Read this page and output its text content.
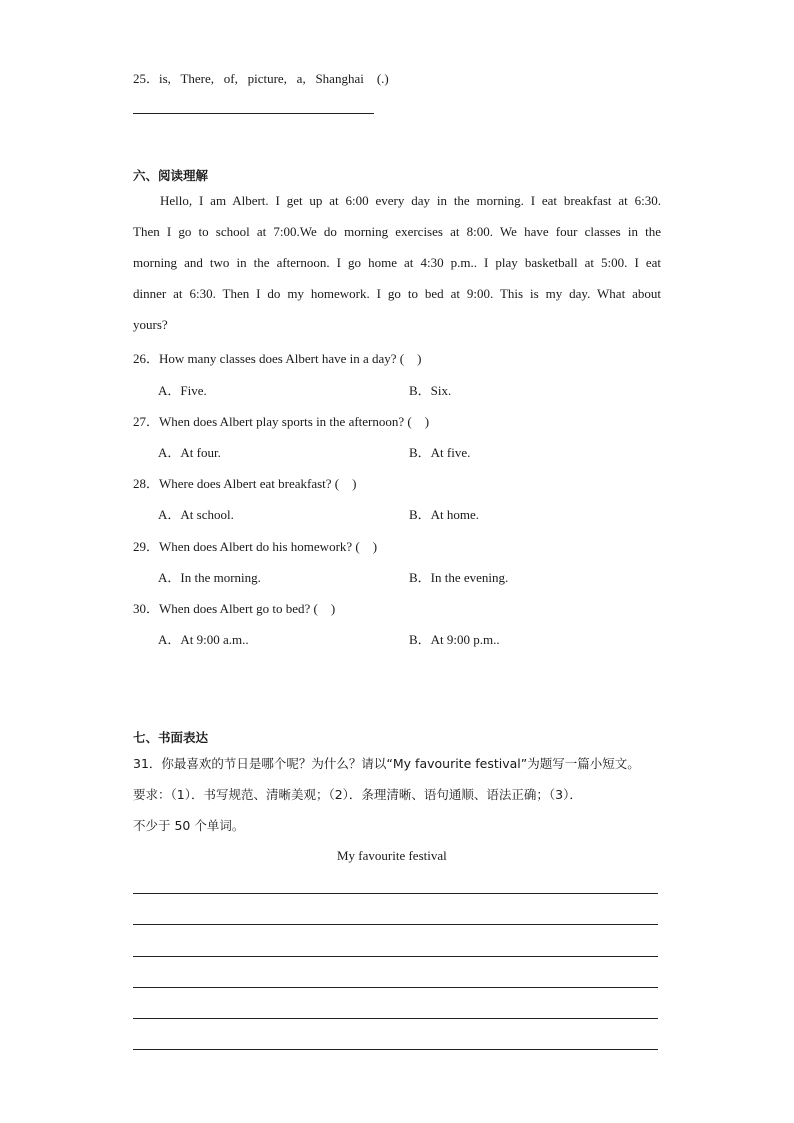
25．is,   There,   of,   picture,   a,   Shanghai    (.)
六、阅读理解
Hello, I am Albert. I get up at 6:00 every day in the morning. I eat breakfast at 6:30.
Then I go to school at 7:00.We do morning exercises at 8:00. We have four classes in the
morning and two in the afternoon. I go home at 4:30 p.m.. I play basketball at 5:00. I eat
dinner at 6:30. Then I do my homework. I go to bed at 9:00. This is my day. What about
yours?
26．How many classes does Albert have in a day? (    )
A．Five.	B．Six.
27．When does Albert play sports in the afternoon? (    )
A．At four.	B．At five.
28．Where does Albert eat breakfast? (    )
A．At school.	B．At home.
29．When does Albert do his homework? (    )
A．In the morning.	B．In the evening.
30．When does Albert go to bed? (    )
A．At 9:00 a.m..	B．At 9:00 p.m..
七、书面表达
31．你最喜欢的节日是哪个呢？为什么？请以“My favourite festival”为题写一篇小短文。
要求：（1）．书写规范、清晰美观；（2）．条理清晰、语句通顺、语法正确；（3）．
不少于 50 个单词。
My favourite festival
